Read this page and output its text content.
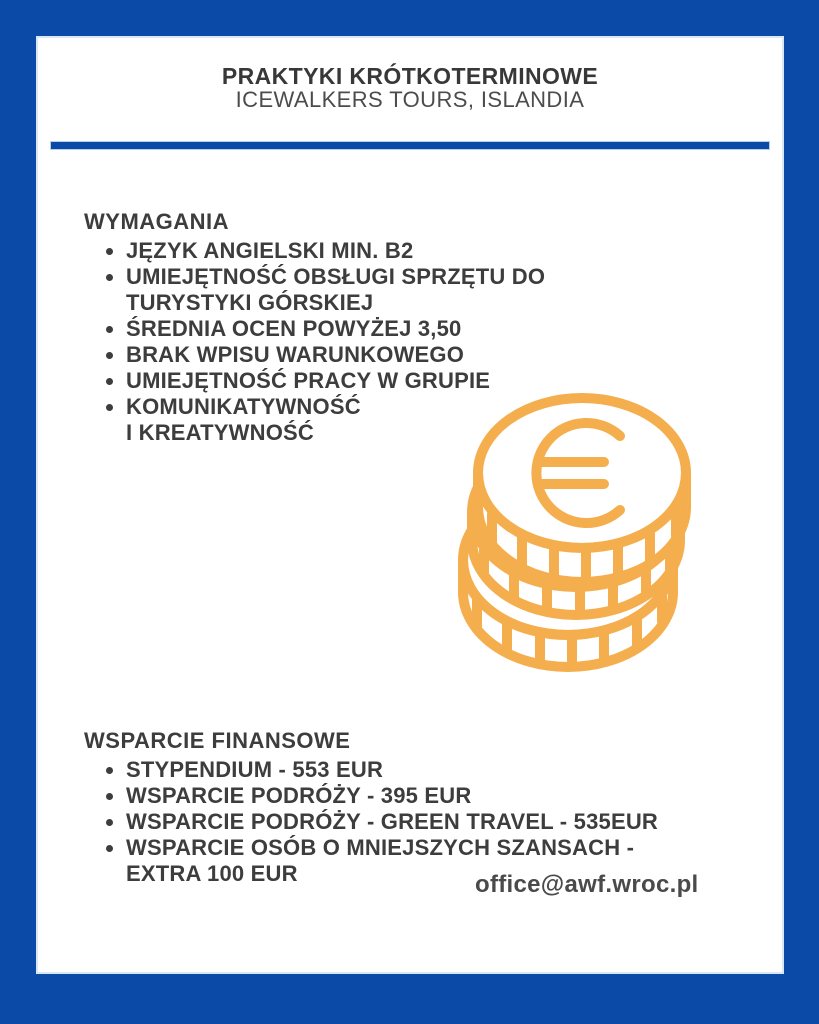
PRAKTYKI KRÓTKOTERMINOWE
ICEWALKERS TOURS, ISLANDIA
WYMAGANIA
JĘZYK ANGIELSKI MIN. B2
UMIEJĘTNOŚĆ OBSŁUGI SPRZĘTU DO
TURYSTYKI GÓRSKIEJ
ŚREDNIA OCEN POWYŻEJ 3,50
BRAK WPISU WARUNKOWEGO
UMIEJĘTNOŚĆ PRACY W GRUPIE
KOMUNIKATYWNOŚĆ
I KREATYWNOŚĆ
WSPARCIE FINANSOWE
STYPENDIUM - 553 EUR
WSPARCIE PODRÓŻY - 395 EUR
WSPARCIE PODRÓŻY - GREEN TRAVEL - 535EUR
WSPARCIE OSÓB O MNIEJSZYCH SZANSACH -
EXTRA 100 EUR	office@awf.wroc.pl
